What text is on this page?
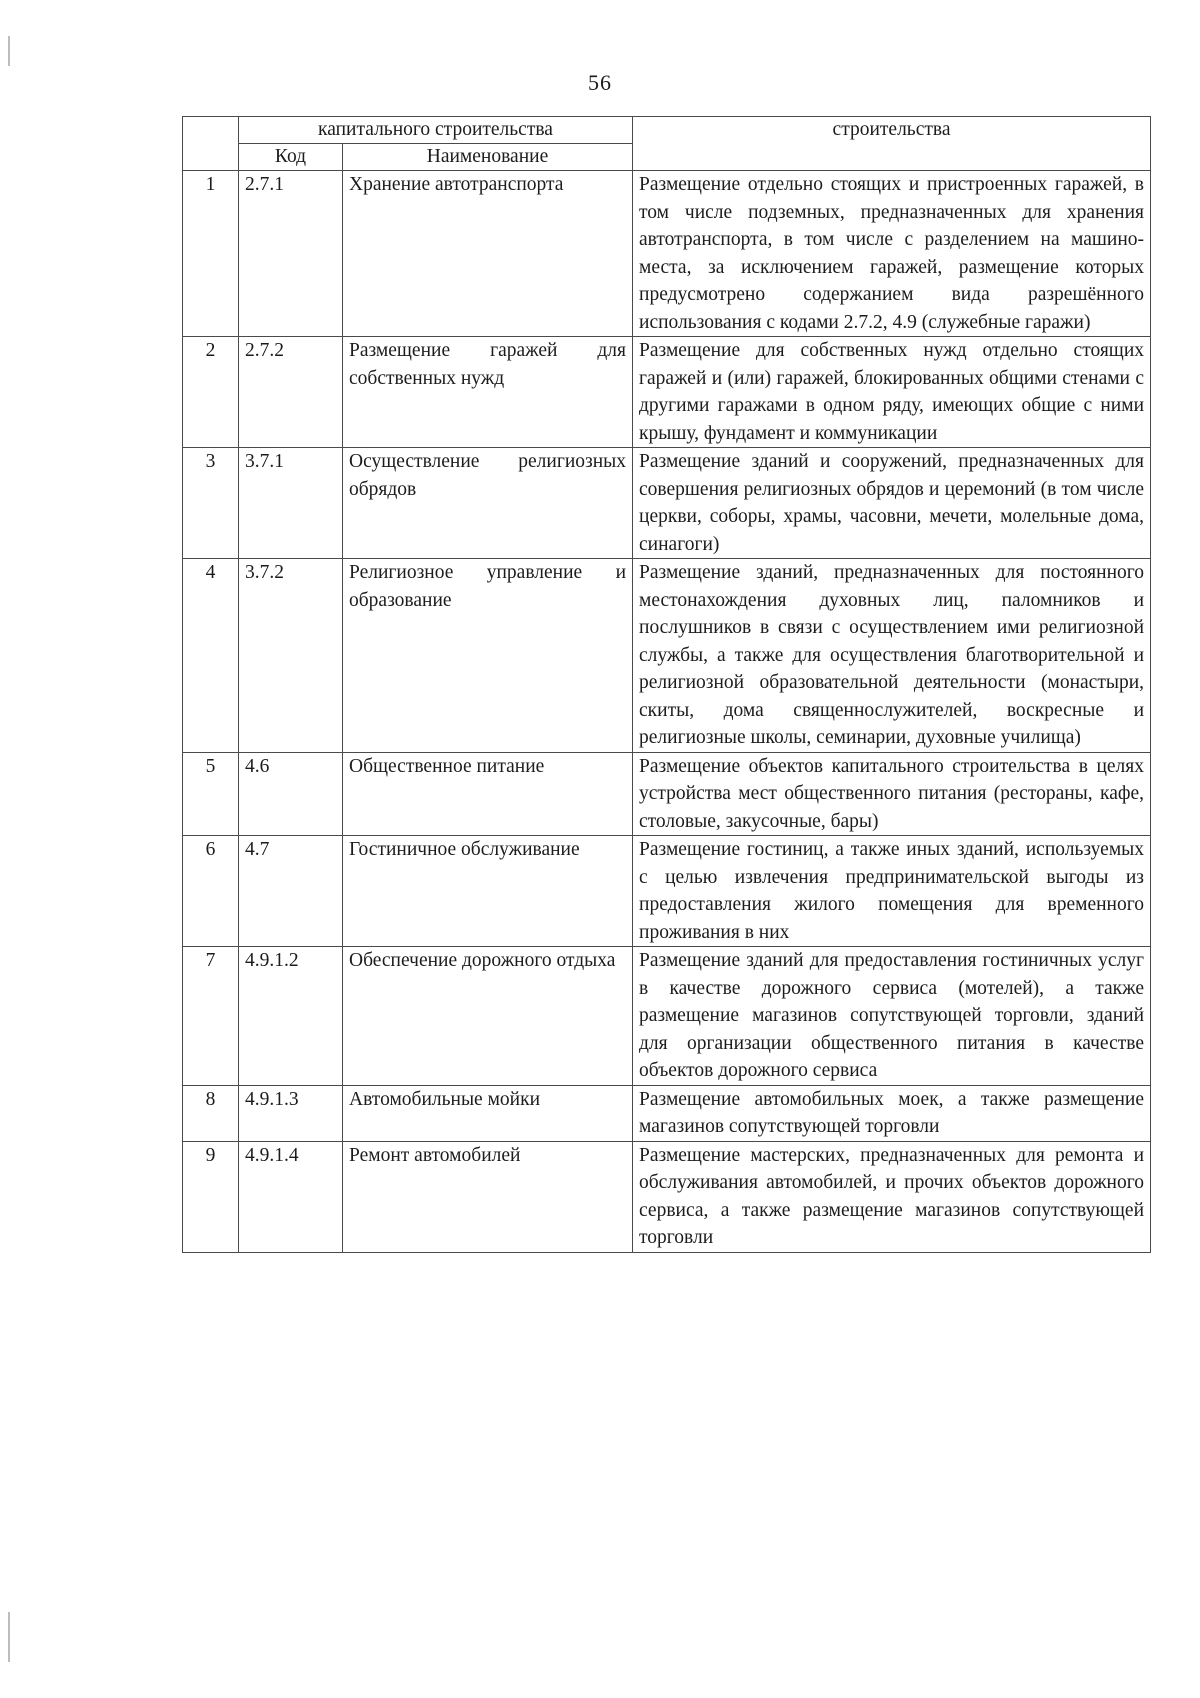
56
	капитального строительства		строительства
	Код	Наименование	
1	2.7.1	Хранение автотранспорта	Размещение отдельно стоящих и пристроенных гаражей, в том числе подземных, предназначенных для хранения автотранспорта, в том числе с разделением на машино-места, за исключением гаражей, размещение которых предусмотрено содержанием вида разрешённого использования с кодами 2.7.2, 4.9 (служебные гаражи)
2	2.7.2	Размещение гаражей для собственных нужд	Размещение для собственных нужд отдельно стоящих гаражей и (или) гаражей, блокированных общими стенами с другими гаражами в одном ряду, имеющих общие с ними крышу, фундамент и коммуникации
3	3.7.1	Осуществление религиозных обрядов	Размещение зданий и сооружений, предназначенных для совершения религиозных обрядов и церемоний (в том числе церкви, соборы, храмы, часовни, мечети, молельные дома, синагоги)
4	3.7.2	Религиозное управление и образование	Размещение зданий, предназначенных для постоянного местонахождения духовных лиц, паломников и послушников в связи с осуществлением ими религиозной службы, а также для осуществления благотворительной и религиозной образовательной деятельности (монастыри, скиты, дома священнослужителей, воскресные и религиозные школы, семинарии, духовные училища)
5	4.6	Общественное питание	Размещение объектов капитального строительства в целях устройства мест общественного питания (рестораны, кафе, столовые, закусочные, бары)
6	4.7	Гостиничное обслуживание	Размещение гостиниц, а также иных зданий, используемых с целью извлечения предпринимательской выгоды из предоставления жилого помещения для временного проживания в них
7	4.9.1.2	Обеспечение дорожного отдыха	Размещение зданий для предоставления гостиничных услуг в качестве дорожного сервиса (мотелей), а также размещение магазинов сопутствующей торговли, зданий для организации общественного питания в качестве объектов дорожного сервиса
8	4.9.1.3	Автомобильные мойки	Размещение автомобильных моек, а также размещение магазинов сопутствующей торговли
9	4.9.1.4	Ремонт автомобилей	Размещение мастерских, предназначенных для ремонта и обслуживания автомобилей, и прочих объектов дорожного сервиса, а также размещение магазинов сопутствующей торговли
